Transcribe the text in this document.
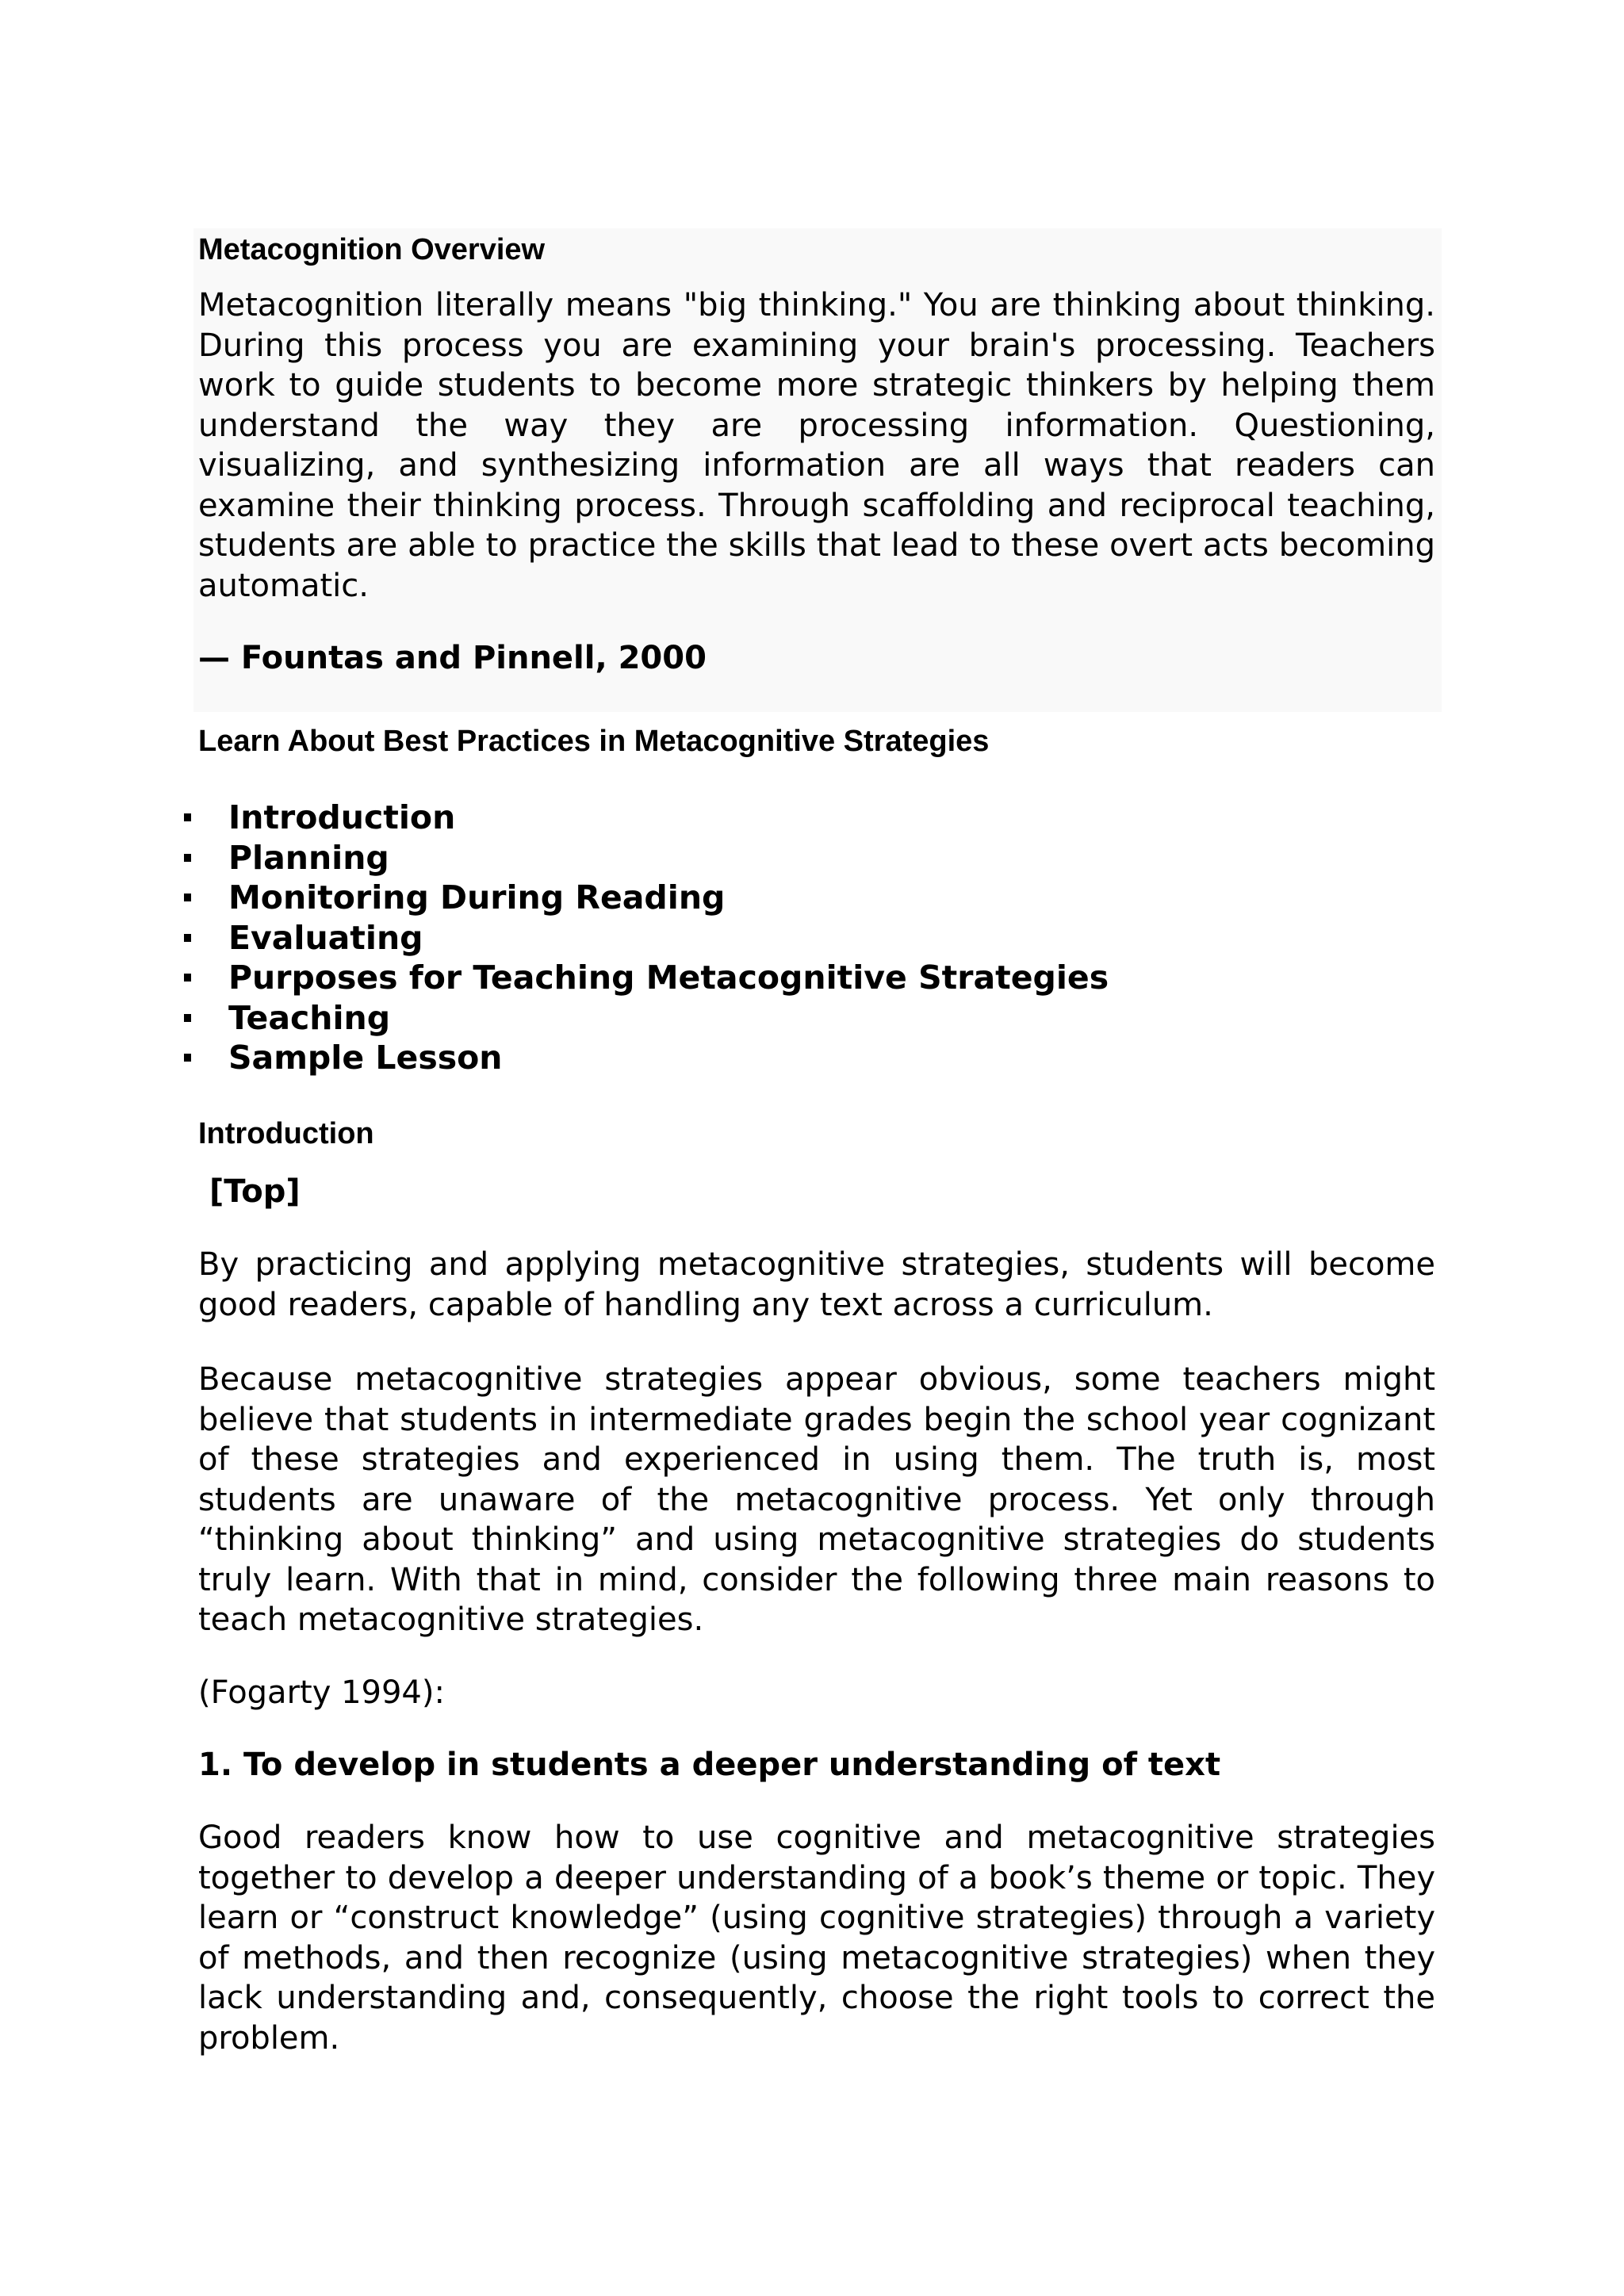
Metacognition Overview

Metacognition literally means "big thinking." You are thinking about thinking. During this process you are examining your brain's processing. Teachers work to guide students to become more strategic thinkers by helping them understand the way they are processing information. Questioning, visualizing, and synthesizing information are all ways that readers can examine their thinking process. Through scaffolding and reciprocal teaching, students are able to practice the skills that lead to these overt acts becoming automatic.

— Fountas and Pinnell, 2000

Learn About Best Practices in Metacognitive Strategies
Introduction
Planning
Monitoring During Reading
Evaluating
Purposes for Teaching Metacognitive Strategies
Teaching
Sample Lesson
Introduction

[Top]

By practicing and applying metacognitive strategies, students will become good readers, capable of handling any text across a curriculum.

Because metacognitive strategies appear obvious, some teachers might believe that students in intermediate grades begin the school year cognizant of these strategies and experienced in using them. The truth is, most students are unaware of the metacognitive process. Yet only through “thinking about thinking” and using metacognitive strategies do students truly learn. With that in mind, consider the following three main reasons to teach metacognitive strategies.

(Fogarty 1994):

1. To develop in students a deeper understanding of text

Good readers know how to use cognitive and metacognitive strategies together to develop a deeper understanding of a book’s theme or topic. They learn or “construct knowledge” (using cognitive strategies) through a variety of methods, and then recognize (using metacognitive strategies) when they lack understanding and, consequently, choose the right tools to correct the problem.
